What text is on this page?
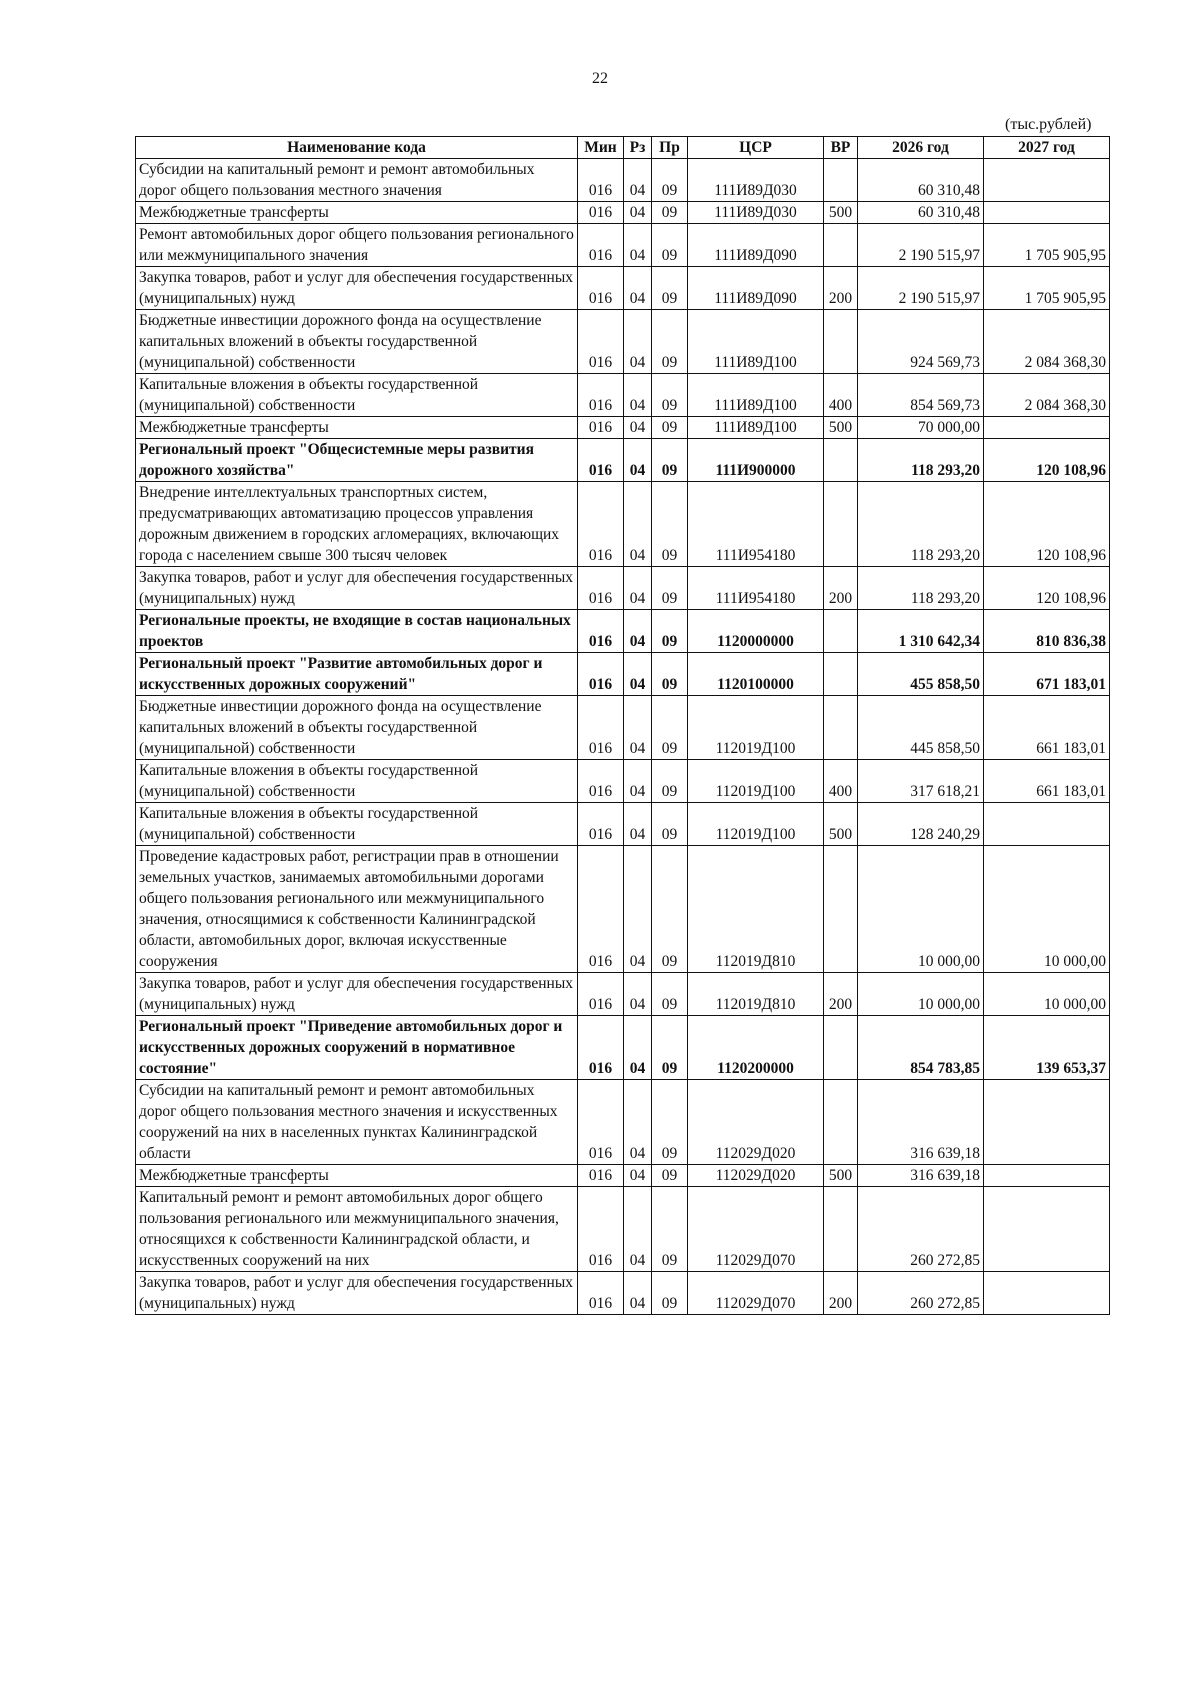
22
(тыс.рублей)
Наименование кода	Мин	Рз	Пр	ЦСР	ВР	2026 год	2027 год
Субсидии на капитальный ремонт и ремонт автомобильных дорог общего пользования местного значения	016	04	09	111И89Д030		60 310,48	
Межбюджетные трансферты	016	04	09	111И89Д030	500	60 310,48	
Ремонт автомобильных дорог общего пользования регионального или межмуниципального значения	016	04	09	111И89Д090		2 190 515,97	1 705 905,95
Закупка товаров, работ и услуг для обеспечения государственных (муниципальных) нужд	016	04	09	111И89Д090	200	2 190 515,97	1 705 905,95
Бюджетные инвестиции дорожного фонда на осуществление капитальных вложений в объекты государственной (муниципальной) собственности	016	04	09	111И89Д100		924 569,73	2 084 368,30
Капитальные вложения в объекты государственной (муниципальной) собственности	016	04	09	111И89Д100	400	854 569,73	2 084 368,30
Межбюджетные трансферты	016	04	09	111И89Д100	500	70 000,00	
Региональный проект "Общесистемные меры развития дорожного хозяйства"	016	04	09	111И900000		118 293,20	120 108,96
Внедрение интеллектуальных транспортных систем, предусматривающих автоматизацию процессов управления дорожным движением в городских агломерациях, включающих города с населением свыше 300 тысяч человек	016	04	09	111И954180		118 293,20	120 108,96
Закупка товаров, работ и услуг для обеспечения государственных (муниципальных) нужд	016	04	09	111И954180	200	118 293,20	120 108,96
Региональные проекты, не входящие в состав национальных проектов	016	04	09	1120000000		1 310 642,34	810 836,38
Региональный проект "Развитие автомобильных дорог и искусственных дорожных сооружений"	016	04	09	1120100000		455 858,50	671 183,01
Бюджетные инвестиции дорожного фонда на осуществление капитальных вложений в объекты государственной (муниципальной) собственности	016	04	09	112019Д100		445 858,50	661 183,01
Капитальные вложения в объекты государственной (муниципальной) собственности	016	04	09	112019Д100	400	317 618,21	661 183,01
Капитальные вложения в объекты государственной (муниципальной) собственности	016	04	09	112019Д100	500	128 240,29	
Проведение кадастровых работ, регистрации прав в отношении земельных участков, занимаемых автомобильными дорогами общего пользования регионального или межмуниципального значения, относящимися к собственности Калининградской области, автомобильных дорог, включая искусственные сооружения	016	04	09	112019Д810		10 000,00	10 000,00
Закупка товаров, работ и услуг для обеспечения государственных (муниципальных) нужд	016	04	09	112019Д810	200	10 000,00	10 000,00
Региональный проект "Приведение автомобильных дорог и искусственных дорожных сооружений в нормативное состояние"	016	04	09	1120200000		854 783,85	139 653,37
Субсидии на капитальный ремонт и ремонт автомобильных дорог общего пользования местного значения и искусственных сооружений на них в населенных пунктах Калининградской области	016	04	09	112029Д020		316 639,18	
Межбюджетные трансферты	016	04	09	112029Д020	500	316 639,18	
Капитальный ремонт и ремонт автомобильных дорог общего пользования регионального или межмуниципального значения, относящихся к собственности Калининградской области, и искусственных сооружений на них	016	04	09	112029Д070		260 272,85	
Закупка товаров, работ и услуг для обеспечения государственных (муниципальных) нужд	016	04	09	112029Д070	200	260 272,85	
